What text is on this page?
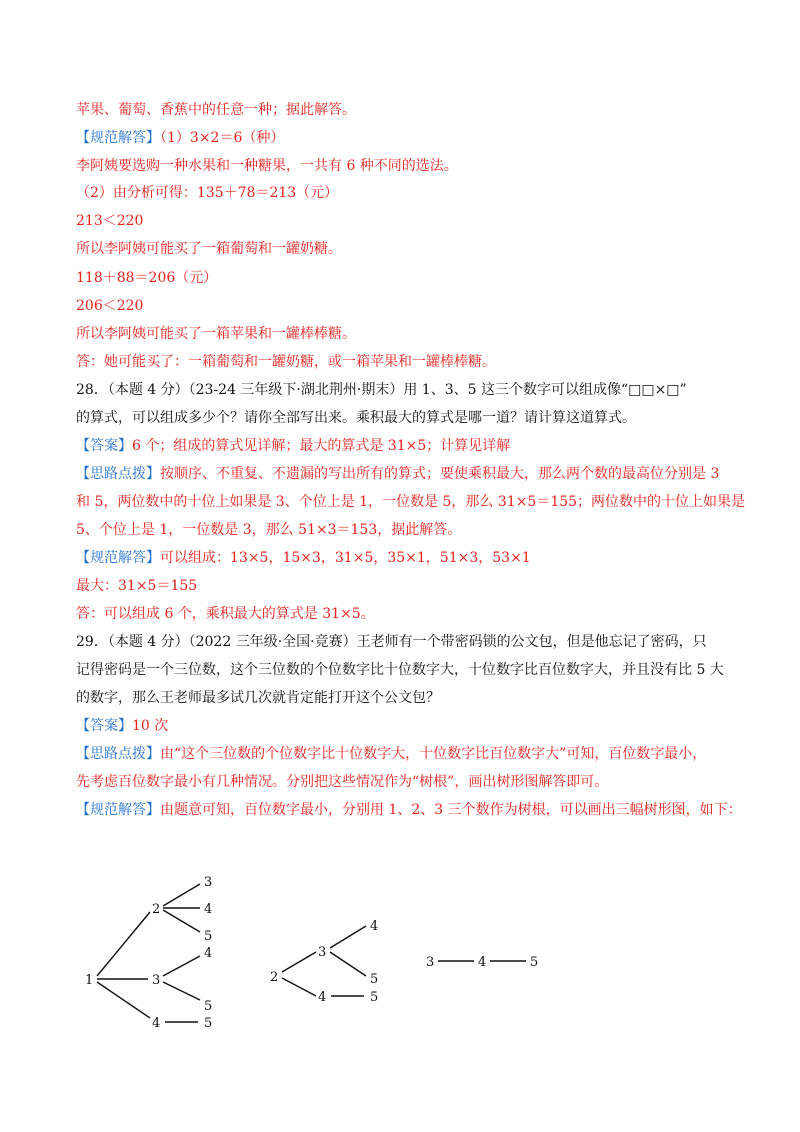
苹果、葡萄、香蕉中的任意一种；据此解答。
【规范解答】（1）3×2＝6（种）
李阿姨要选购一种水果和一种糖果，一共有 6 种不同的选法。
（2）由分析可得：135＋78＝213（元）
213＜220
所以李阿姨可能买了一箱葡萄和一罐奶糖。
118＋88＝206（元）
206＜220
所以李阿姨可能买了一箱苹果和一罐棒棒糖。
答：她可能买了：一箱葡萄和一罐奶糖，或一箱苹果和一罐棒棒糖。
28．（本题 4 分）（23-24 三年级下·湖北荆州·期末）用 1、3、5 这三个数字可以组成像“□□×□”
的算式，可以组成多少个？请你全部写出来。乘积最大的算式是哪一道？请计算这道算式。
【答案】6 个；组成的算式见详解；最大的算式是 31×5；计算见详解
【思路点拨】按顺序、不重复、不遗漏的写出所有的算式；要使乘积最大，那么两个数的最高位分别是 3
和 5，两位数中的十位上如果是 3、个位上是 1，一位数是 5，那么 31×5＝155；两位数中的十位上如果是
5、个位上是 1，一位数是 3，那么 51×3＝153，据此解答。
【规范解答】可以组成：13×5，15×3，31×5，35×1，51×3，53×1
最大：31×5＝155
答：可以组成 6 个，乘积最大的算式是 31×5。
29．（本题 4 分）（2022 三年级·全国·竞赛）王老师有一个带密码锁的公文包，但是他忘记了密码，只
记得密码是一个三位数，这个三位数的个位数字比十位数字大，十位数字比百位数字大，并且没有比 5 大
的数字，那么王老师最多试几次就肯定能打开这个公文包？
【答案】10 次
【思路点拨】由“这个三位数的个位数字比十位数字大，十位数字比百位数字大”可知，百位数字最小，
先考虑百位数字最小有几种情况。分别把这些情况作为“树根”，画出树形图解答即可。
【规范解答】由题意可知，百位数字最小，分别用 1、2、3 三个数作为树根，可以画出三幅树形图，如下：
1
2
3
4
5
3
4
5
4	5
2
3
4
5
4	5
3	4	5
